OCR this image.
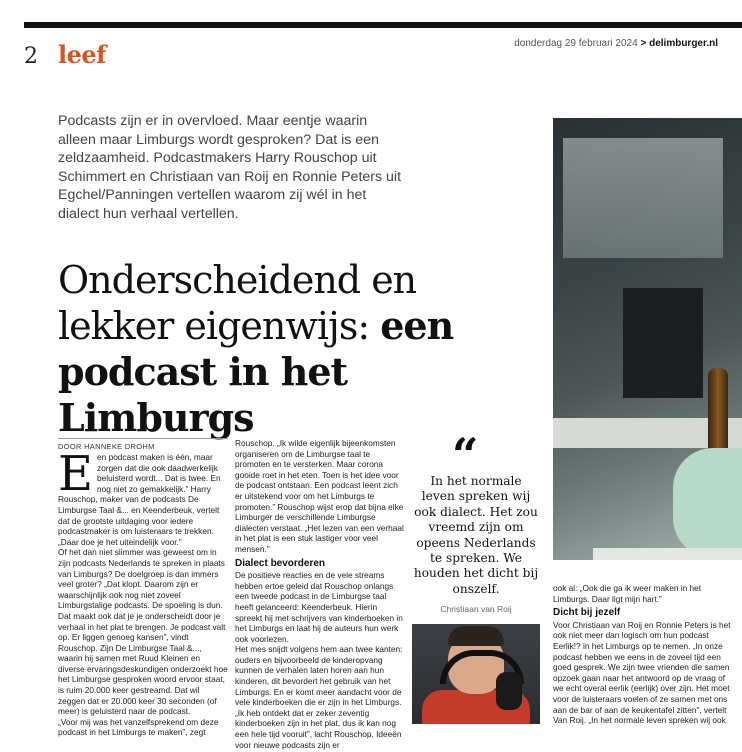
2 leef	donderdag 29 februari 2024 > delimburger.nl
Podcasts zijn er in overvloed. Maar eentje waarin alleen maar Limburgs wordt gesproken? Dat is een zeldzaamheid. Podcastmakers Harry Rouschop uit Schimmert en Christiaan van Roij en Ronnie Peters uit Egchel/Panningen vertellen waarom zij wél in het dialect hun verhaal vertellen.
Onderscheidend en lekker eigenwijs: een podcast in het Limburgs
DOOR HANNEKE DROHM

Een podcast maken is één, maar zorgen dat die ook daadwerkelijk beluisterd wordt... Dat is twee. En nog niet zo gemakkelijk.” Harry Rouschop, maker van de podcasts De Limburgse Taal &... en Keenderbeuk, vertelt dat de grootste uitdaging voor iedere podcastmaker is om luisteraars te trekken. „Daar doe je het uiteindelijk voor.”

Of het dan niet slimmer was geweest om in zijn podcasts Nederlands te spreken in plaats van Limburgs? De doelgroep is dan immers veel groter? „Dat klopt. Daarom zijn er waarschijnlijk ook nog niet zoveel Limburgstalige podcasts. De spoeling is dun. Dat maakt ook dat je je onderscheidt door je verhaal in het plat te brengen. Je podcast valt op. Er liggen genoeg kansen”, vindt Rouschop. Zijn De Limburgse Taal &..., waarin hij samen met Ruud Kleinen en diverse ervaringsdeskundigen onderzoekt hoe het Limburgse gesproken woord ervoor staat, is ruim 20.000 keer gestreamd. Dat wil zeggen dat er 20.000 keer 30 seconden (of meer) is geluisterd naar de podcast.

„Voor mij was het vanzelfsprekend om deze podcast in het Limburgs te maken”, zegt

Rouschop. „Ik wilde eigenlijk bijeenkomsten organiseren om de Limburgse taal te promoten en te versterken. Maar corona gooide roet in het eten. Toen is het idee voor de podcast ontstaan. Een podcast leent zich er uitstekend voor om het Limburgs te promoten.” Rouschop wijst erop dat bijna elke Limburger de verschillende Limburgse dialecten verstaat. „Het lezen van een verhaal in het plat is een stuk lastiger voor veel mensen.”

Dialect bevorderen

De positieve reacties en de vele streams hebben ertoe geleid dat Rouschop onlangs een tweede podcast in de Limburgse taal heeft gelanceerd: Keenderbeuk. Hierin spreekt hij met schrijvers van kinderboeken in het Limburgs en laat hij de auteurs hun werk ook voorlezen.

Het mes snijdt volgens hem aan twee kanten: ouders en bijvoorbeeld de kinderopvang kunnen de verhalen laten horen aan hun kinderen, dit bevordert het gebruik van het Limburgs. En er komt meer aandacht voor de vele kinderboeken die er zijn in het Limburgs. „Ik heb ontdekt dat er zeker zeventig kinderboeken zijn in het plat, dus ik kan nog een hele tijd vooruit”, lacht Rouschop. Ideeën voor nieuwe podcasts zijn er

“
In het normale leven spreken wij ook dialect. Het zou vreemd zijn om opeens Nederlands te spreken. We houden het dicht bij onszelf.
Christiaan van Roij

ook al: „Ook die ga ik weer maken in het Limburgs. Daar ligt mijn hart.”

Dicht bij jezelf

Voor Christiaan van Roij en Ronnie Peters is het ook niet meer dan logisch om hun podcast Eerlik!? in het Limburgs op te nemen. „In onze podcast hebben we eens in de zoveel tijd een goed gesprek. We zijn twee vrienden die samen opzoek gaan naar het antwoord op de vraag of we echt overal eerlik (eerlijk) over zijn. Het moet voor de luisteraars voelen of ze samen met ons aan de bar of aan de keukentafel zitten”, vertelt Van Roij. „In het normale leven spreken wij ook
